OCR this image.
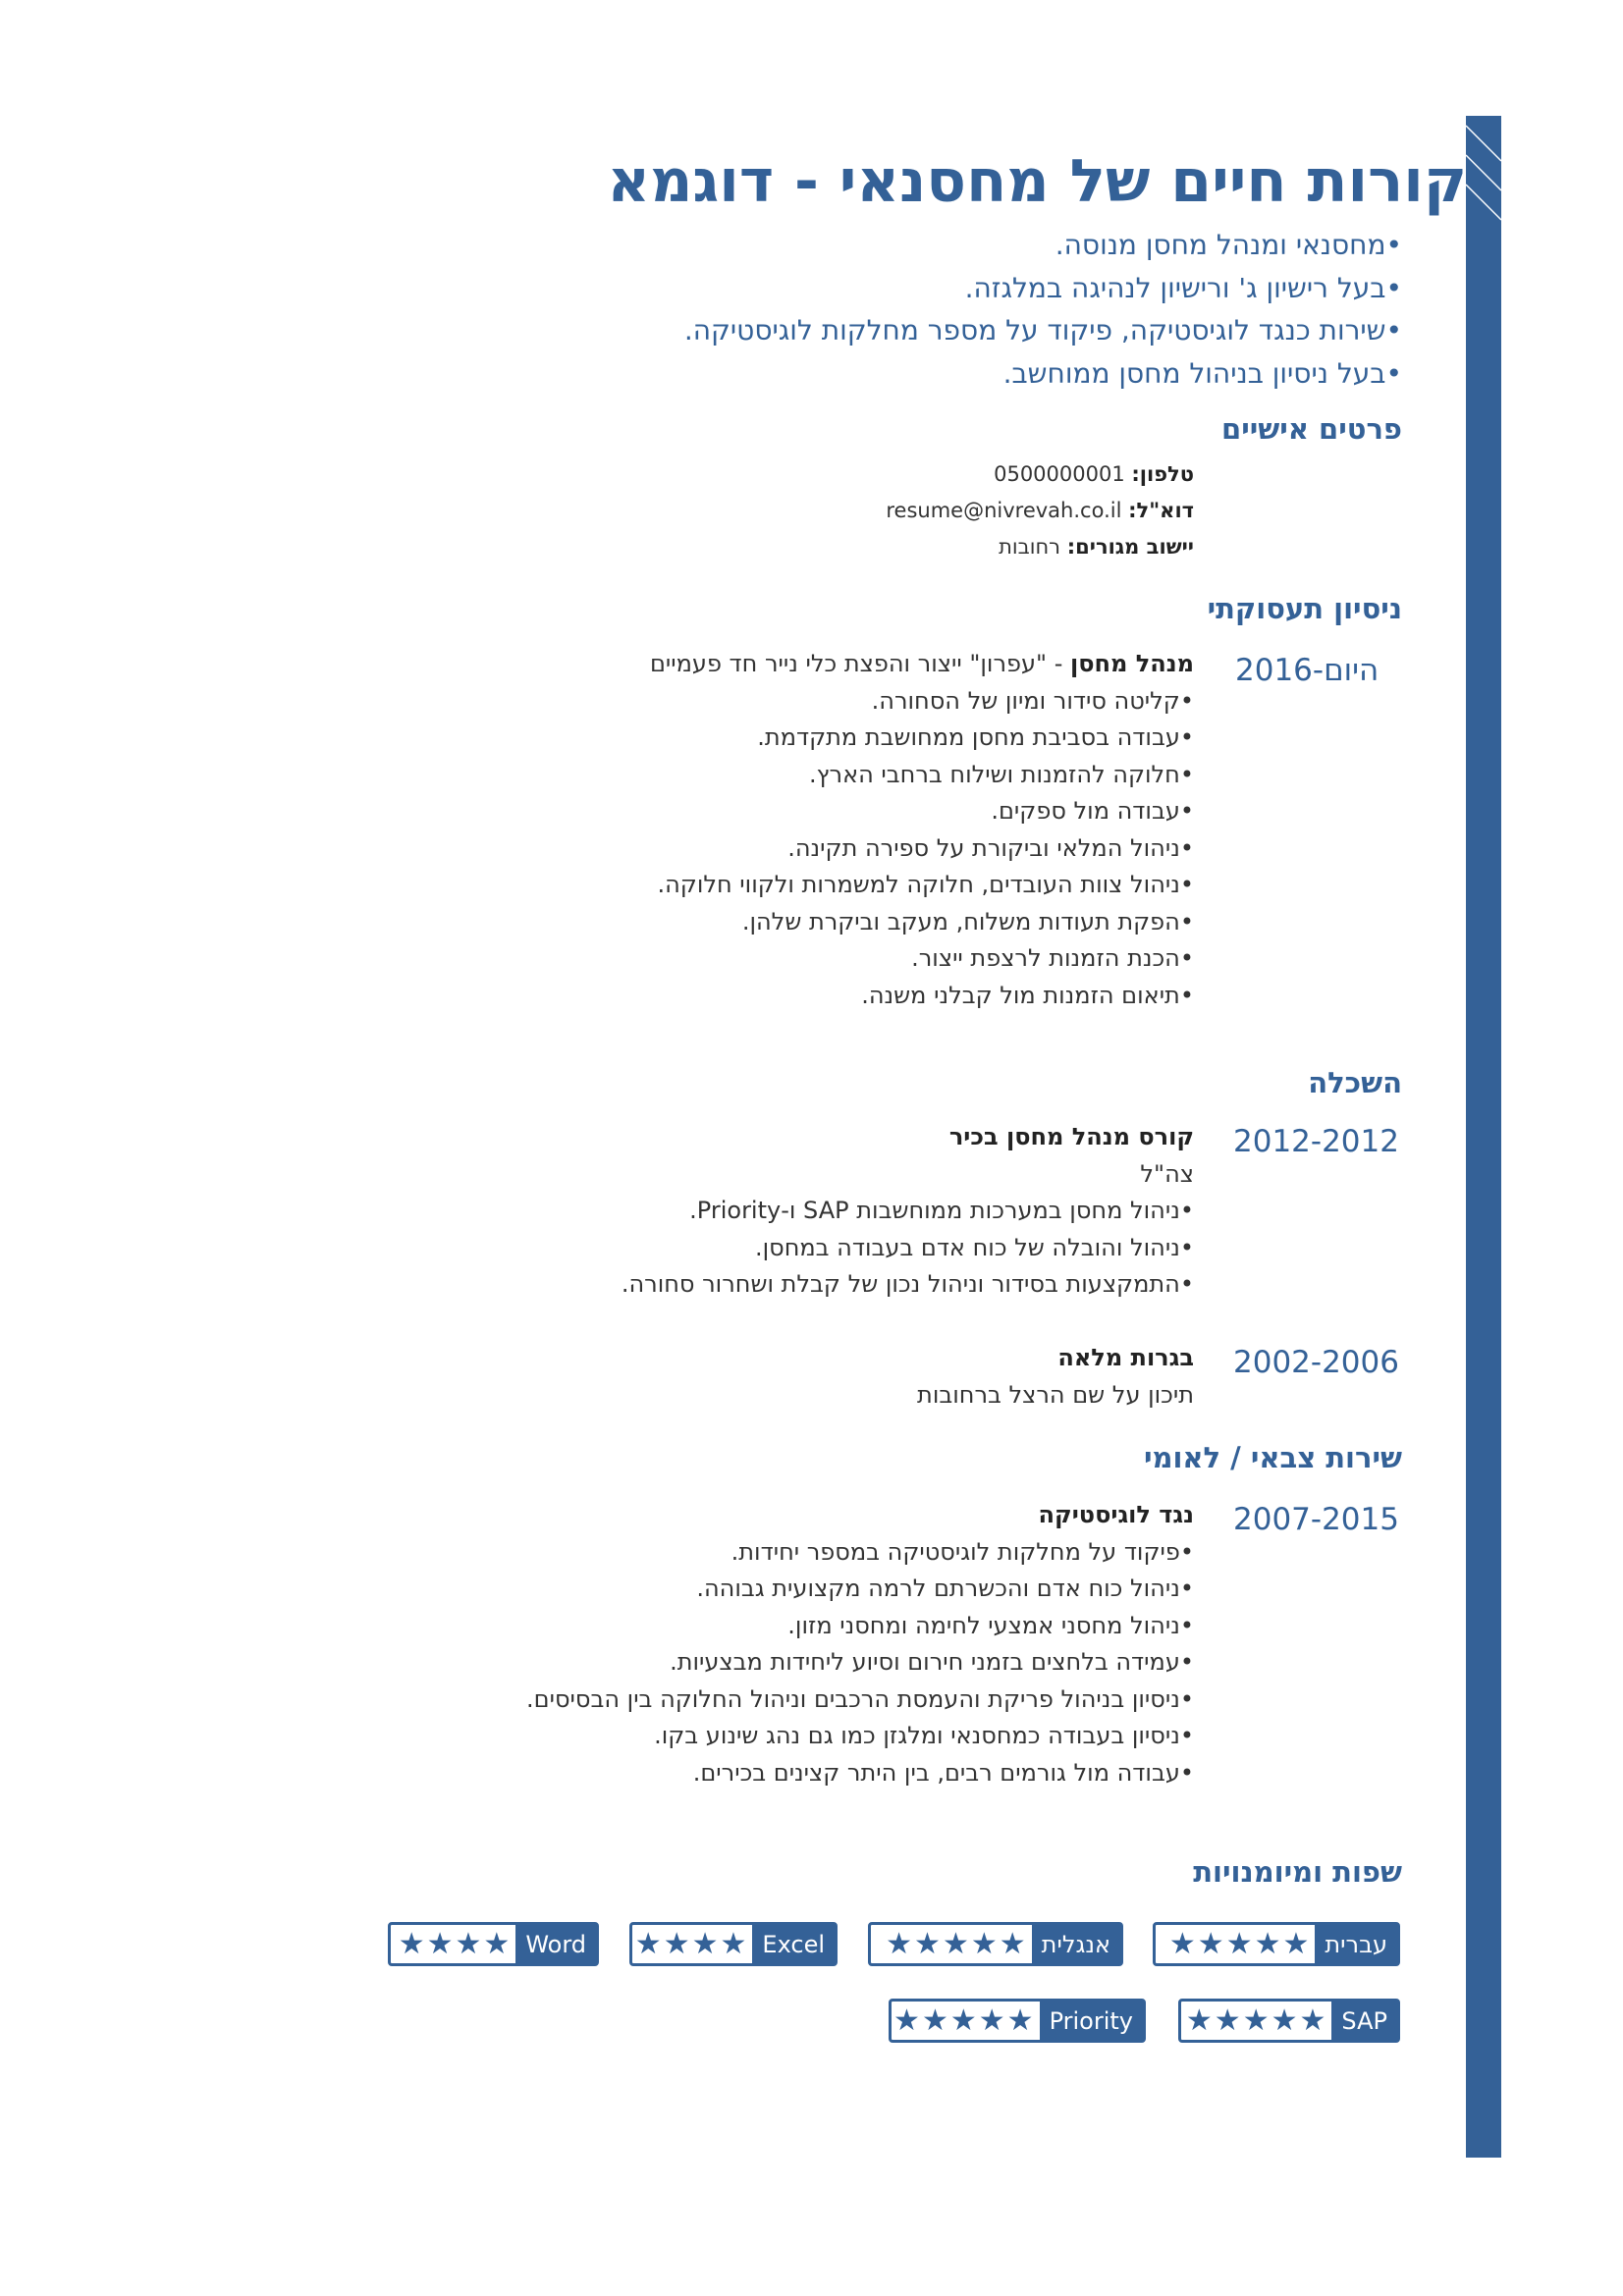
קורות חיים של מחסנאי - דוגמא
•מחסנאי ומנהל מחסן מנוסה.
•בעל רישיון ג' ורישיון לנהיגה במלגזה.
•שירות כנגד לוגיסטיקה, פיקוד על מספר מחלקות לוגיסטיקה.
•בעל ניסיון בניהול מחסן ממוחשב.
פרטים אישיים
טלפון: 0500000001
דוא"ל: resume@nivrevah.co.il
יישוב מגורים: רחובות
ניסיון תעסוקתי
2016-היום
מנהל מחסן - "עפרון" ייצור והפצת כלי נייר חד פעמיים
•קליטה סידור ומיון של הסחורה.
•עבודה בסביבת מחסן ממחושבת מתקדמת.
•חלוקה להזמנות ושילוח ברחבי הארץ.
•עבודה מול ספקים.
•ניהול המלאי וביקורת על ספירה תקינה.
•ניהול צוות העובדים, חלוקה למשמרות ולקווי חלוקה.
•הפקת תעודות משלוח, מעקב וביקרת שלהן.
•הכנת הזמנות לרצפת ייצור.
•תיאום הזמנות מול קבלני משנה.
השכלה
2012-2012
קורס מנהל מחסן בכיר
צה"ל
•ניהול מחסן במערכות ממוחשבות SAP ו-Priority.
•ניהול והובלה של כוח אדם בעבודה במחסן.
•התמקצעות בסידור וניהול נכון של קבלת ושחרור סחורה.
2002-2006
בגרות מלאה
תיכון על שם הרצל ברחובות
שירות צבאי / לאומי
2007-2015
נגד לוגיסטיקה
•פיקוד על מחלקות לוגיסטיקה במספר יחידות.
•ניהול כוח אדם והכשרתם לרמה מקצועית גבוהה.
•ניהול מחסני אמצעי לחימה ומחסני מזון.
•עמידה בלחצים בזמני חירום וסיוע ליחידות מבצעיות.
•ניסיון בניהול פריקת והעמסת הרכבים וניהול החלוקה בין הבסיסים.
•ניסיון בעבודה כמחסנאי ומלגזן כמו גם נהג שינוע בקו.
•עבודה מול גורמים רבים, בין היתר קצינים בכירים.
שפות ומיומנויות
עברית
★ ★ ★ ★ ★
אנגלית
★ ★ ★ ★ ★
Excel
★ ★ ★ ★
Word
★ ★ ★ ★
SAP
★ ★ ★ ★ ★
Priority
★ ★ ★ ★ ★
